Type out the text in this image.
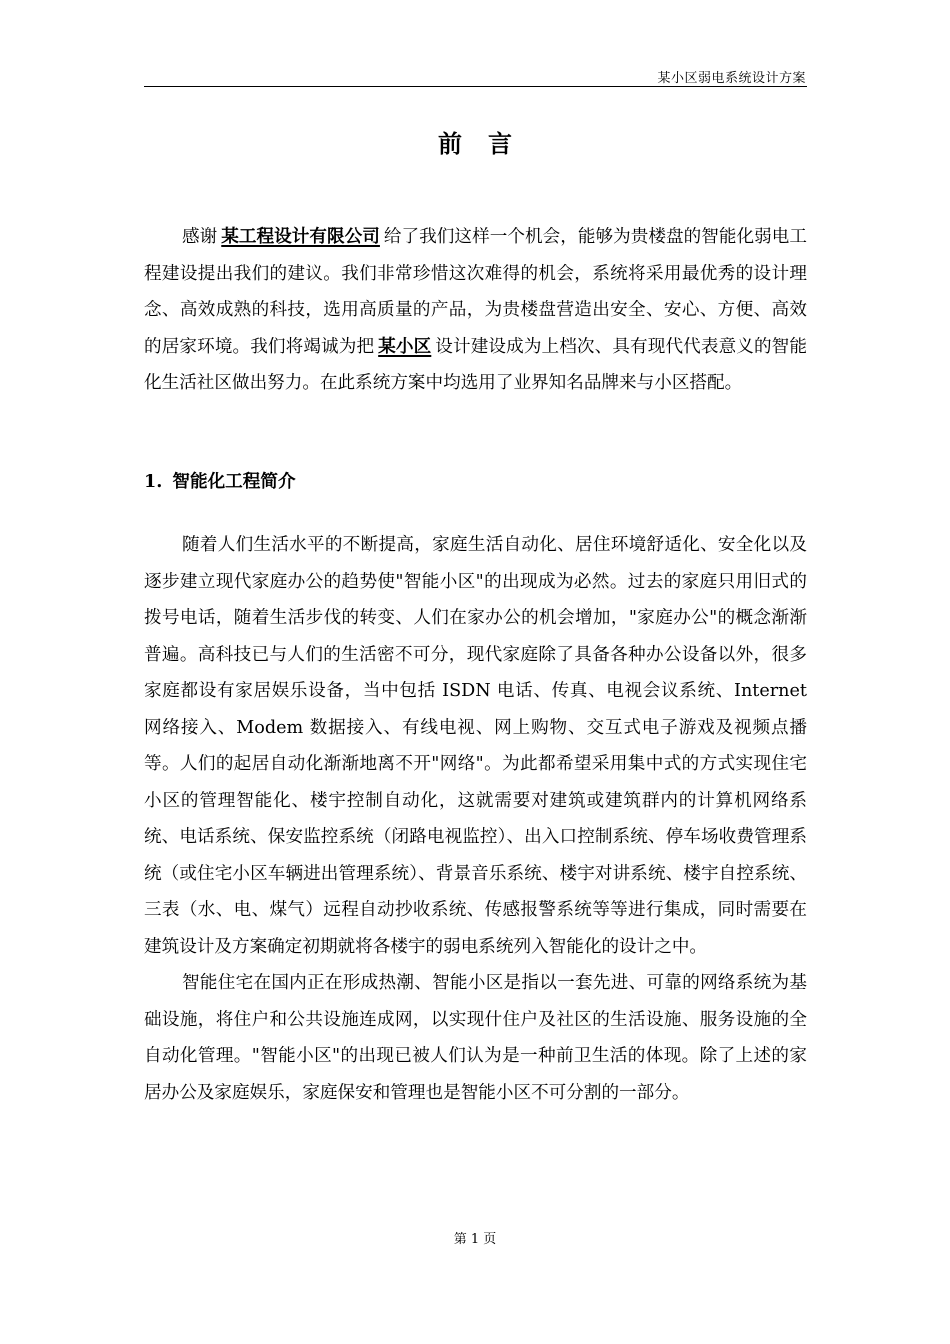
某小区弱电系统设计方案
前言

感谢 某工程设计有限公司 给了我们这样一个机会，能够为贵楼盘的智能化弱电工程建设提出我们的建议。我们非常珍惜这次难得的机会，系统将采用最优秀的设计理念、高效成熟的科技，选用高质量的产品，为贵楼盘营造出安全、安心、方便、高效的居家环境。我们将竭诚为把 某小区 设计建设成为上档次、具有现代代表意义的智能化生活社区做出努力。在此系统方案中均选用了业界知名品牌来与小区搭配。

1. 智能化工程简介

随着人们生活水平的不断提高，家庭生活自动化、居住环境舒适化、安全化以及逐步建立现代家庭办公的趋势使"智能小区"的出现成为必然。过去的家庭只用旧式的拨号电话，随着生活步伐的转变、人们在家办公的机会增加，"家庭办公"的概念渐渐普遍。高科技已与人们的生活密不可分，现代家庭除了具备各种办公设备以外，很多家庭都设有家居娱乐设备，当中包括 ISDN 电话、传真、电视会议系统、Internet 网络接入、Modem 数据接入、有线电视、网上购物、交互式电子游戏及视频点播等。人们的起居自动化渐渐地离不开"网络"。为此都希望采用集中式的方式实现住宅小区的管理智能化、楼宇控制自动化，这就需要对建筑或建筑群内的计算机网络系统、电话系统、保安监控系统（闭路电视监控）、出入口控制系统、停车场收费管理系统（或住宅小区车辆进出管理系统）、背景音乐系统、楼宇对讲系统、楼宇自控系统、三表（水、电、煤气）远程自动抄收系统、传感报警系统等等进行集成，同时需要在建筑设计及方案确定初期就将各楼宇的弱电系统列入智能化的设计之中。

智能住宅在国内正在形成热潮、智能小区是指以一套先进、可靠的网络系统为基础设施，将住户和公共设施连成网，以实现什住户及社区的生活设施、服务设施的全自动化管理。"智能小区"的出现已被人们认为是一种前卫生活的体现。除了上述的家居办公及家庭娱乐，家庭保安和管理也是智能小区不可分割的一部分。

第 1 页
